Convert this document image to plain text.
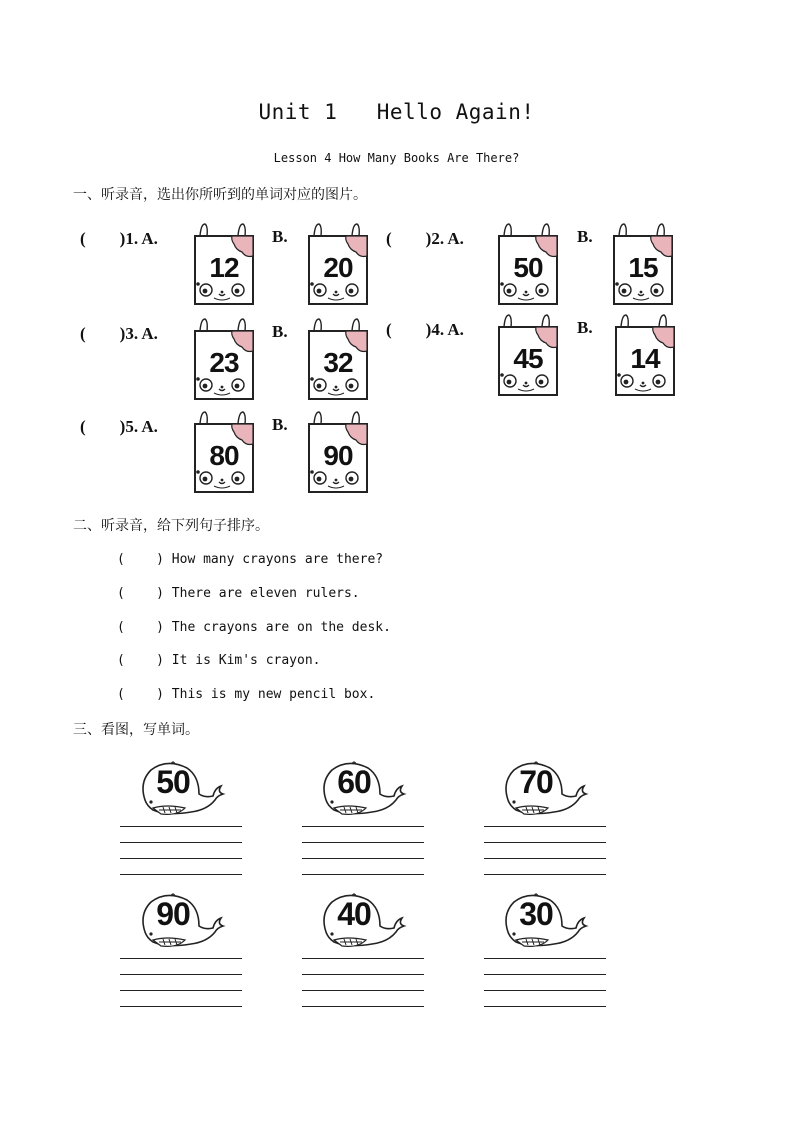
Unit 1   Hello Again!
Lesson 4 How Many Books Are There?
一、听录音，选出你所听到的单词对应的图片。
(        )1. A.	B.
12	20
(        )2. A.	B.
50	15
(        )3. A.	B.
23	32
(        )4. A.	B.
45	14
(        )5. A.	B.
80	90
二、听录音，给下列句子排序。
(    ) How many crayons are there?
(    ) There are eleven rulers.
(    ) The crayons are on the desk.
(    ) It is Kim's crayon.
(    ) This is my new pencil box.
三、看图，写单词。
50	60	70
90	40	30
